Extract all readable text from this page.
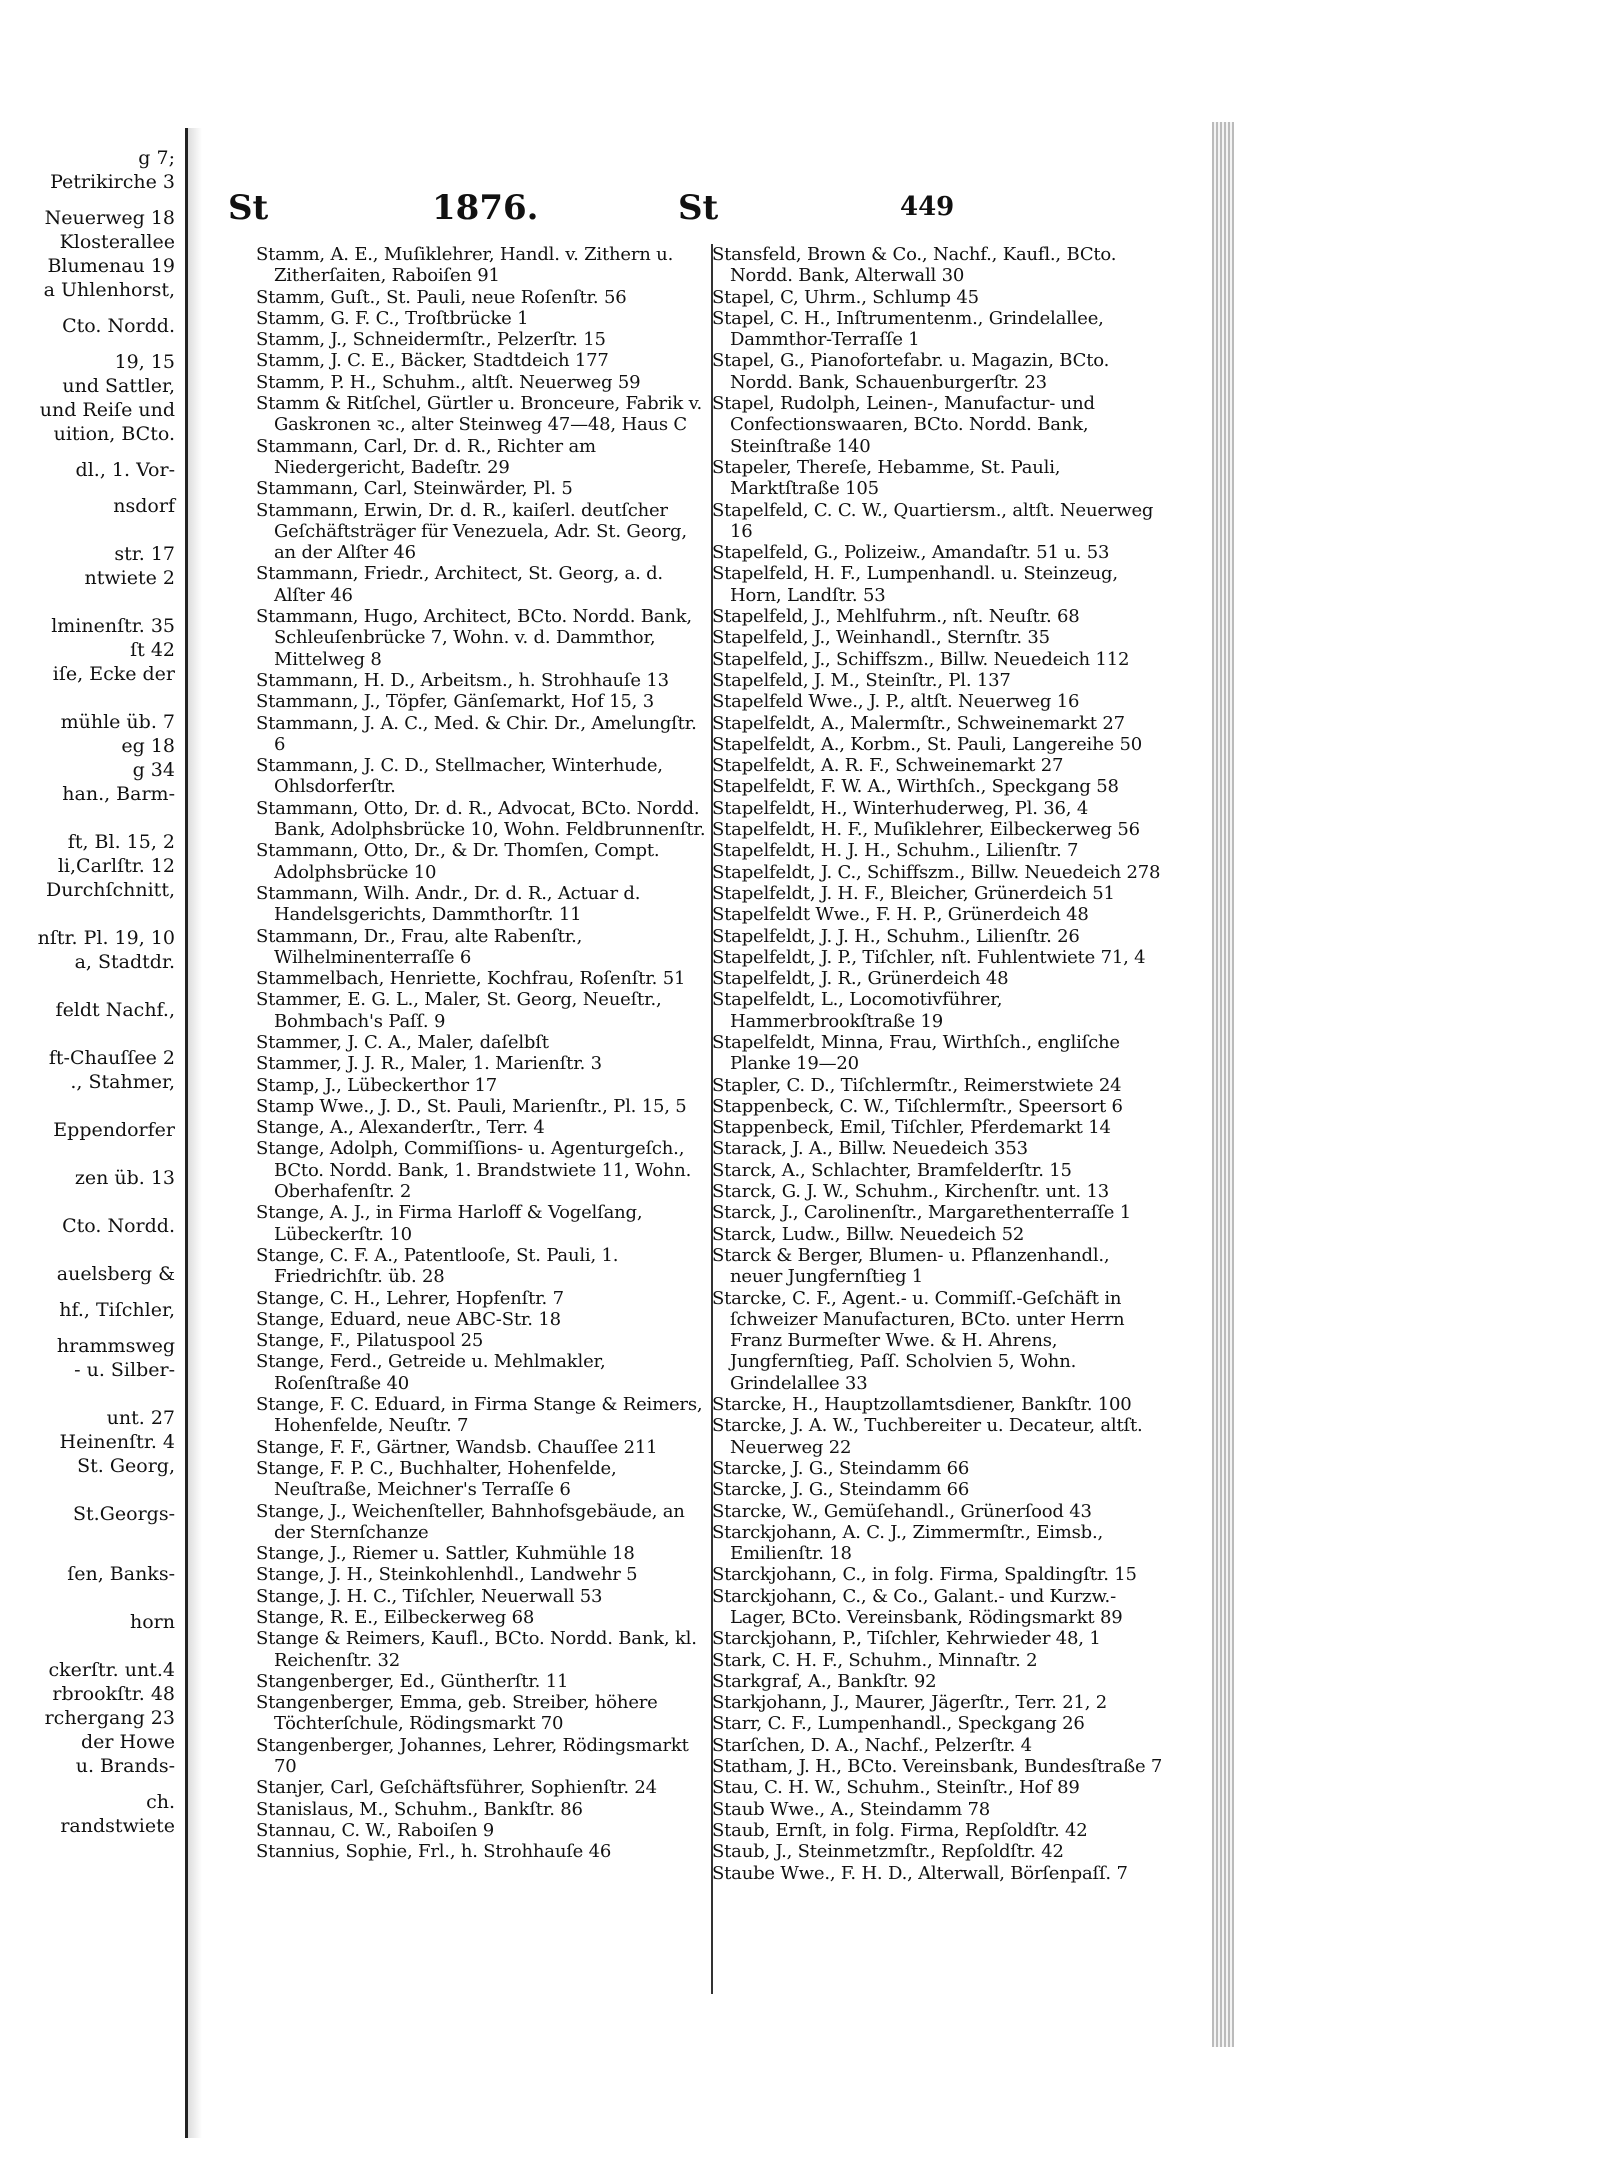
g 7;
Petrikirche 3
Neuerweg 18
Klosterallee
Blumenau 19
a Uhlenhorst,
Cto. Nordd.
19, 15
und Sattler,
und Reiſe und
uition, BCto.
dl., 1. Vor-
nsdorf
str. 17
ntwiete 2
lminenſtr. 35
ſt 42
iſe, Ecke der
mühle üb. 7
eg 18
g 34
han., Barm-
ft, Bl. 15, 2
li,Carlſtr. 12
Durchſchnitt,
nſtr. Pl. 19, 10
a, Stadtdr.
feldt Nachf.,
ft-Chauſſee 2
., Stahmer,
Eppendorfer
zen üb. 13
Cto. Nordd.
auelsberg &
hf., Tiſchler,
hrammsweg
- u. Silber-
unt. 27
Heinenſtr. 4
St. Georg,
St.Georgs-
ſen, Banks-
horn
ckerſtr. unt.4
rbrookſtr. 48
rchergang 23
der Howe
u. Brands-
ch.
randstwiete
St	1876.	St	449

Stamm, A. E., Muſiklehrer, Handl. v. Zithern u. Zitherſaiten, Raboiſen 91

Stamm, Guſt., St. Pauli, neue Roſenſtr. 56

Stamm, G. F. C., Troſtbrücke 1

Stamm, J., Schneidermſtr., Pelzerſtr. 15

Stamm, J. C. E., Bäcker, Stadtdeich 177

Stamm, P. H., Schuhm., altſt. Neuerweg 59

Stamm & Ritſchel, Gürtler u. Bronceure, Fabrik v. Gaskronen ꝛc., alter Steinweg 47—48, Haus C

Stammann, Carl, Dr. d. R., Richter am Niedergericht, Badeſtr. 29

Stammann, Carl, Steinwärder, Pl. 5

Stammann, Erwin, Dr. d. R., kaiſerl. deutſcher Geſchäftsträger für Venezuela, Adr. St. Georg, an der Alſter 46

Stammann, Friedr., Architect, St. Georg, a. d. Alſter 46

Stammann, Hugo, Architect, BCto. Nordd. Bank, Schleuſenbrücke 7, Wohn. v. d. Dammthor, Mittelweg 8

Stammann, H. D., Arbeitsm., h. Strohhauſe 13

Stammann, J., Töpfer, Gänſemarkt, Hof 15, 3

Stammann, J. A. C., Med. & Chir. Dr., Amelungſtr. 6

Stammann, J. C. D., Stellmacher, Winterhude, Ohlsdorferſtr.

Stammann, Otto, Dr. d. R., Advocat, BCto. Nordd. Bank, Adolphsbrücke 10, Wohn. Feldbrunnenſtr.

Stammann, Otto, Dr., & Dr. Thomſen, Compt. Adolphsbrücke 10

Stammann, Wilh. Andr., Dr. d. R., Actuar d. Handelsgerichts, Dammthorſtr. 11

Stammann, Dr., Frau, alte Rabenſtr., Wilhelminenterraſſe 6

Stammelbach, Henriette, Kochfrau, Roſenſtr. 51

Stammer, E. G. L., Maler, St. Georg, Neueſtr., Bohmbach's Paſſ. 9

Stammer, J. C. A., Maler, daſelbſt

Stammer, J. J. R., Maler, 1. Marienſtr. 3

Stamp, J., Lübeckerthor 17

Stamp Wwe., J. D., St. Pauli, Marienſtr., Pl. 15, 5

Stange, A., Alexanderſtr., Terr. 4

Stange, Adolph, Commiſſions- u. Agenturgeſch., BCto. Nordd. Bank, 1. Brandstwiete 11, Wohn. Oberhafenſtr. 2

Stange, A. J., in Firma Harloff & Vogelſang, Lübeckerſtr. 10

Stange, C. F. A., Patentlooſe, St. Pauli, 1. Friedrichſtr. üb. 28

Stange, C. H., Lehrer, Hopfenſtr. 7

Stange, Eduard, neue ABC-Str. 18

Stange, F., Pilatuspool 25

Stange, Ferd., Getreide u. Mehlmakler, Roſenſtraße 40

Stange, F. C. Eduard, in Firma Stange & Reimers, Hohenfelde, Neuſtr. 7

Stange, F. F., Gärtner, Wandsb. Chauſſee 211

Stange, F. P. C., Buchhalter, Hohenfelde, Neuſtraße, Meichner's Terraſſe 6

Stange, J., Weichenſteller, Bahnhofsgebäude, an der Sternſchanze

Stange, J., Riemer u. Sattler, Kuhmühle 18

Stange, J. H., Steinkohlenhdl., Landwehr 5

Stange, J. H. C., Tiſchler, Neuerwall 53

Stange, R. E., Eilbeckerweg 68

Stange & Reimers, Kaufl., BCto. Nordd. Bank, kl. Reichenſtr. 32

Stangenberger, Ed., Güntherſtr. 11

Stangenberger, Emma, geb. Streiber, höhere Töchterſchule, Rödingsmarkt 70

Stangenberger, Johannes, Lehrer, Rödingsmarkt 70

Stanjer, Carl, Geſchäftsführer, Sophienſtr. 24

Stanislaus, M., Schuhm., Bankſtr. 86

Stannau, C. W., Raboiſen 9

Stannius, Sophie, Frl., h. Strohhauſe 46

Stansfeld, Brown & Co., Nachf., Kaufl., BCto. Nordd. Bank, Alterwall 30

Stapel, C, Uhrm., Schlump 45

Stapel, C. H., Inſtrumentenm., Grindelallee, Dammthor-Terraſſe 1

Stapel, G., Pianofortefabr. u. Magazin, BCto. Nordd. Bank, Schauenburgerſtr. 23

Stapel, Rudolph, Leinen-, Manufactur- und Confectionswaaren, BCto. Nordd. Bank, Steinſtraße 140

Stapeler, Thereſe, Hebamme, St. Pauli, Marktſtraße 105

Stapelfeld, C. C. W., Quartiersm., altſt. Neuerweg 16

Stapelfeld, G., Polizeiw., Amandaſtr. 51 u. 53

Stapelfeld, H. F., Lumpenhandl. u. Steinzeug, Horn, Landſtr. 53

Stapelfeld, J., Mehlfuhrm., nſt. Neuſtr. 68

Stapelfeld, J., Weinhandl., Sternſtr. 35

Stapelfeld, J., Schiffszm., Billw. Neuedeich 112

Stapelfeld, J. M., Steinſtr., Pl. 137

Stapelfeld Wwe., J. P., altſt. Neuerweg 16

Stapelfeldt, A., Malermſtr., Schweinemarkt 27

Stapelfeldt, A., Korbm., St. Pauli, Langereihe 50

Stapelfeldt, A. R. F., Schweinemarkt 27

Stapelfeldt, F. W. A., Wirthſch., Speckgang 58

Stapelfeldt, H., Winterhuderweg, Pl. 36, 4

Stapelfeldt, H. F., Muſiklehrer, Eilbeckerweg 56

Stapelfeldt, H. J. H., Schuhm., Lilienſtr. 7

Stapelfeldt, J. C., Schiffszm., Billw. Neuedeich 278

Stapelfeldt, J. H. F., Bleicher, Grünerdeich 51

Stapelfeldt Wwe., F. H. P., Grünerdeich 48

Stapelfeldt, J. J. H., Schuhm., Lilienſtr. 26

Stapelfeldt, J. P., Tiſchler, nſt. Fuhlentwiete 71, 4

Stapelfeldt, J. R., Grünerdeich 48

Stapelfeldt, L., Locomotivführer, Hammerbrookſtraße 19

Stapelfeldt, Minna, Frau, Wirthſch., engliſche Planke 19—20

Stapler, C. D., Tiſchlermſtr., Reimerstwiete 24

Stappenbeck, C. W., Tiſchlermſtr., Speersort 6

Stappenbeck, Emil, Tiſchler, Pferdemarkt 14

Starack, J. A., Billw. Neuedeich 353

Starck, A., Schlachter, Bramfelderſtr. 15

Starck, G. J. W., Schuhm., Kirchenſtr. unt. 13

Starck, J., Carolinenſtr., Margarethenterraſſe 1

Starck, Ludw., Billw. Neuedeich 52

Starck & Berger, Blumen- u. Pflanzenhandl., neuer Jungfernſtieg 1

Starcke, C. F., Agent.- u. Commiſſ.-Geſchäft in ſchweizer Manufacturen, BCto. unter Herrn Franz Burmeſter Wwe. & H. Ahrens, Jungfernſtieg, Paſſ. Scholvien 5, Wohn. Grindelallee 33

Starcke, H., Hauptzollamtsdiener, Bankſtr. 100

Starcke, J. A. W., Tuchbereiter u. Decateur, altſt. Neuerweg 22

Starcke, J. G., Steindamm 66

Starcke, J. G., Steindamm 66

Starcke, W., Gemüſehandl., Grünerſood 43

Starckjohann, A. C. J., Zimmermſtr., Eimsb., Emilienſtr. 18

Starckjohann, C., in folg. Firma, Spaldingſtr. 15

Starckjohann, C., & Co., Galant.- und Kurzw.-Lager, BCto. Vereinsbank, Rödingsmarkt 89

Starckjohann, P., Tiſchler, Kehrwieder 48, 1

Stark, C. H. F., Schuhm., Minnaſtr. 2

Starkgraf, A., Bankſtr. 92

Starkjohann, J., Maurer, Jägerſtr., Terr. 21, 2

Starr, C. F., Lumpenhandl., Speckgang 26

Starſchen, D. A., Nachf., Pelzerſtr. 4

Statham, J. H., BCto. Vereinsbank, Bundesſtraße 7

Stau, C. H. W., Schuhm., Steinſtr., Hof 89

Staub Wwe., A., Steindamm 78

Staub, Ernſt, in folg. Firma, Repſoldſtr. 42

Staub, J., Steinmetzmſtr., Repſoldſtr. 42

Staube Wwe., F. H. D., Alterwall, Börſenpaſſ. 7
